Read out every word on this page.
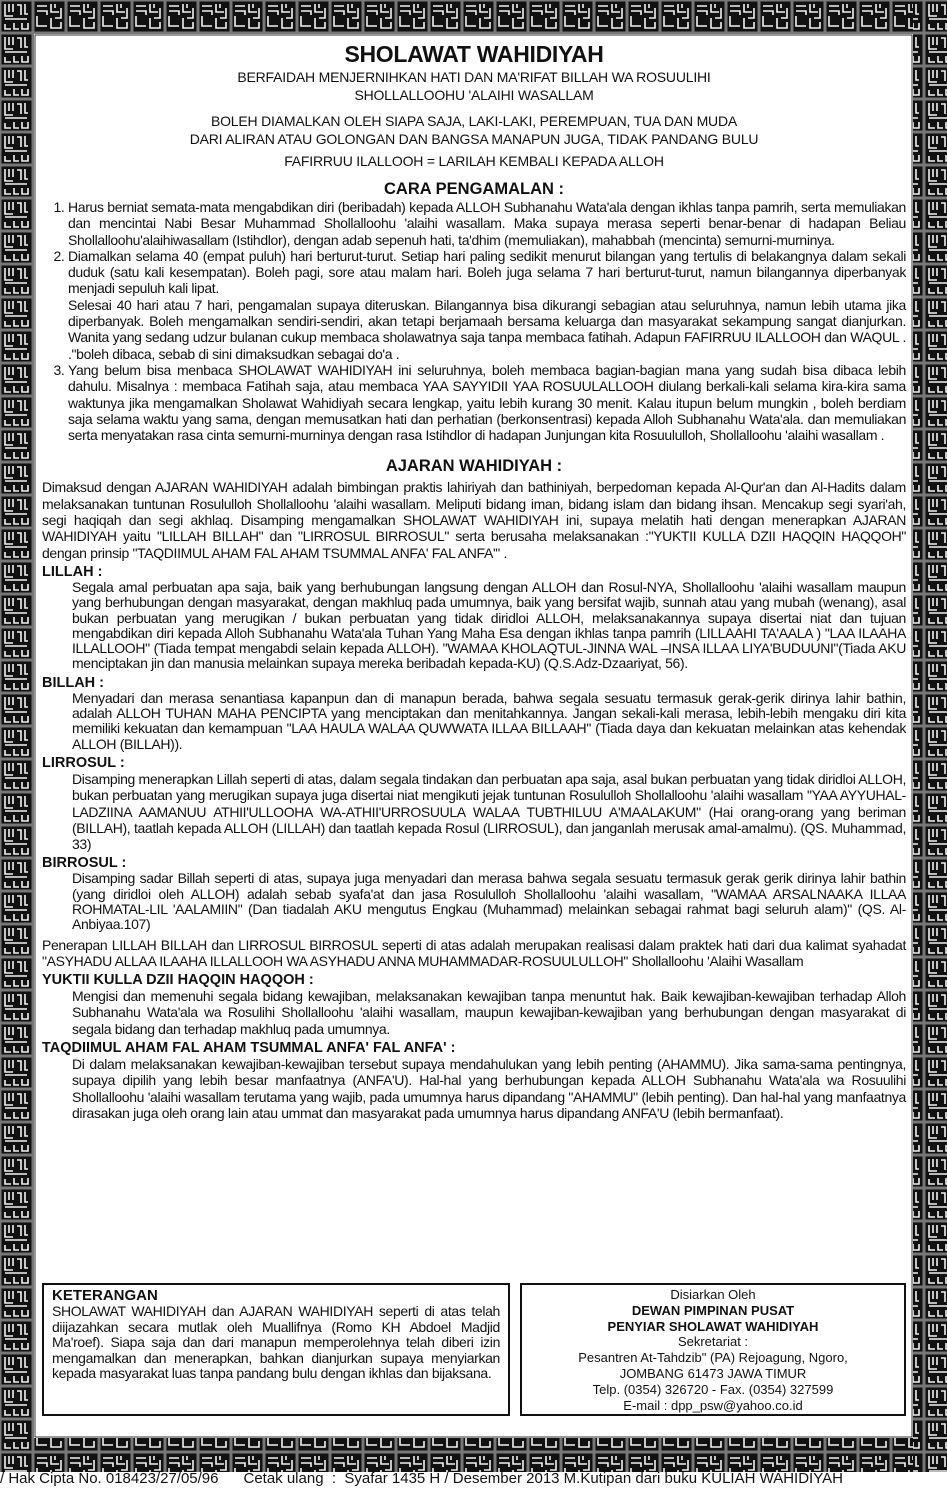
SHOLAWAT WAHIDIYAH
BERFAIDAH MENJERNIHKAN HATI DAN MA'RIFAT BILLAH WA ROSUULIHI
SHOLLALLOOHU 'ALAIHI WASALLAM
BOLEH DIAMALKAN OLEH SIAPA SAJA, LAKI-LAKI, PEREMPUAN, TUA DAN MUDA
DARI ALIRAN ATAU GOLONGAN DAN BANGSA MANAPUN JUGA, TIDAK PANDANG BULU
FAFIRRUU ILALLOOH = LARILAH KEMBALI KEPADA ALLOH
CARA PENGAMALAN :
1. Harus berniat semata-mata mengabdikan diri (beribadah) kepada ALLOH Subhanahu Wata'ala dengan ikhlas tanpa pamrih, serta memuliakan dan mencintai Nabi Besar Muhammad Shollalloohu 'alaihi wasallam. Maka supaya merasa seperti benar-benar di hadapan Beliau Shollalloohu'alaihiwasallam (Istihdlor), dengan adab sepenuh hati, ta'dhim (memuliakan), mahabbah (mencinta) semurni-murninya.
2. Diamalkan selama 40 (empat puluh) hari berturut-turut. Setiap hari paling sedikit menurut bilangan yang tertulis di belakangnya dalam sekali duduk (satu kali kesempatan). Boleh pagi, sore atau malam hari. Boleh juga selama 7 hari berturut-turut, namun bilangannya diperbanyak menjadi sepuluh kali lipat.
Selesai 40 hari atau 7 hari, pengamalan supaya diteruskan. Bilangannya bisa dikurangi sebagian atau seluruhnya, namun lebih utama jika diperbanyak. Boleh mengamalkan sendiri-sendiri, akan tetapi berjamaah bersama keluarga dan masyarakat sekampung sangat dianjurkan. Wanita yang sedang udzur bulanan cukup membaca sholawatnya saja tanpa membaca fatihah. Adapun FAFIRRUU ILALLOOH dan WAQUL . ."boleh dibaca, sebab di sini dimaksudkan sebagai do'a .
3. Yang belum bisa menbaca SHOLAWAT WAHIDIYAH ini seluruhnya, boleh membaca bagian-bagian mana yang sudah bisa dibaca lebih dahulu. Misalnya : membaca Fatihah saja, atau membaca YAA SAYYIDII YAA ROSUULALLOOH diulang berkali-kali selama kira-kira sama waktunya jika mengamalkan Sholawat Wahidiyah secara lengkap, yaitu lebih kurang 30 menit. Kalau itupun belum mungkin , boleh berdiam saja selama waktu yang sama, dengan memusatkan hati dan perhatian (berkonsentrasi) kepada Alloh Subhanahu Wata'ala. dan memuliakan serta menyatakan rasa cinta semurni-murninya dengan rasa Istihdlor di hadapan Junjungan kita Rosuululloh, Shollalloohu 'alaihi wasallam .
AJARAN WAHIDIYAH :
Dimaksud dengan AJARAN WAHIDIYAH adalah bimbingan praktis lahiriyah dan bathiniyah, berpedoman kepada Al-Qur'an dan Al-Hadits dalam melaksanakan tuntunan Rosululloh Shollalloohu 'alaihi wasallam. Meliputi bidang iman, bidang islam dan bidang ihsan. Mencakup segi syari'ah, segi haqiqah dan segi akhlaq. Disamping mengamalkan SHOLAWAT WAHIDIYAH ini, supaya melatih hati dengan menerapkan AJARAN WAHIDIYAH yaitu "LILLAH BILLAH" dan "LIRROSUL BIRROSUL" serta berusaha melaksanakan :"YUKTII KULLA DZII HAQQIN HAQQOH" dengan prinsip "TAQDIIMUL AHAM FAL AHAM TSUMMAL ANFA' FAL ANFA'" .
LILLAH :
Segala amal perbuatan apa saja, baik yang berhubungan langsung dengan ALLOH dan Rosul-NYA, Shollalloohu 'alaihi wasallam maupun yang berhubungan dengan masyarakat, dengan makhluq pada umumnya, baik yang bersifat wajib, sunnah atau yang mubah (wenang), asal bukan perbuatan yang merugikan / bukan perbuatan yang tidak diridloi ALLOH, melaksanakannya supaya disertai niat dan tujuan mengabdikan diri kepada Alloh Subhanahu Wata'ala Tuhan Yang Maha Esa dengan ikhlas tanpa pamrih (LILLAAHI TA'AALA ) "LAA ILAAHA ILLALLOOH" (Tiada tempat mengabdi selain kepada ALLOH). "WAMAA KHOLAQTUL-JINNA WAL –INSA ILLAA LIYA'BUDUUNI"(Tiada AKU menciptakan jin dan manusia melainkan supaya mereka beribadah kepada-KU) (Q.S.Adz-Dzaariyat, 56).
BILLAH :
Menyadari dan merasa senantiasa kapanpun dan di manapun berada, bahwa segala sesuatu termasuk gerak-gerik dirinya lahir bathin, adalah ALLOH TUHAN MAHA PENCIPTA yang menciptakan dan menitahkannya. Jangan sekali-kali merasa, lebih-lebih mengaku diri kita memiliki kekuatan dan kemampuan "LAA HAULA WALAA QUWWATA ILLAA BILLAAH" (Tiada daya dan kekuatan melainkan atas kehendak ALLOH (BILLAH)).
LIRROSUL :
Disamping menerapkan Lillah seperti di atas, dalam segala tindakan dan perbuatan apa saja, asal bukan perbuatan yang tidak diridloi ALLOH, bukan perbuatan yang merugikan supaya juga disertai niat mengikuti jejak tuntunan Rosululloh Shollalloohu 'alaihi wasallam "YAA AYYUHAL-LADZIINA AAMANUU ATHII'ULLOOHA WA-ATHII'URROSUULA WALAA TUBTHILUU A'MAALAKUM" (Hai orang-orang yang beriman (BILLAH), taatlah kepada ALLOH (LILLAH) dan taatlah kepada Rosul (LIRROSUL), dan janganlah merusak amal-amalmu). (QS. Muhammad, 33)
BIRROSUL :
Disamping sadar Billah seperti di atas, supaya juga menyadari dan merasa bahwa segala sesuatu termasuk gerak gerik dirinya lahir bathin (yang diridloi oleh ALLOH) adalah sebab syafa'at dan jasa Rosululloh Shollalloohu 'alaihi wasallam, "WAMAA ARSALNAAKA ILLAA ROHMATAL-LIL 'AALAMIIN" (Dan tiadalah AKU mengutus Engkau (Muhammad) melainkan sebagai rahmat bagi seluruh alam)" (QS. Al-Anbiyaa.107)
Penerapan LILLAH BILLAH dan LIRROSUL BIRROSUL seperti di atas adalah merupakan realisasi dalam praktek hati dari dua kalimat syahadat "ASYHADU ALLAA ILAAHA ILLALLOOH WA ASYHADU ANNA MUHAMMADAR-ROSUULULLOH" Shollalloohu 'Alaihi Wasallam
YUKTII KULLA DZII HAQQIN HAQQOH :
Mengisi dan memenuhi segala bidang kewajiban, melaksanakan kewajiban tanpa menuntut hak. Baik kewajiban-kewajiban terhadap Alloh Subhanahu Wata'ala wa Rosulihi Shollalloohu 'alaihi wasallam, maupun kewajiban-kewajiban yang berhubungan dengan masyarakat di segala bidang dan terhadap makhluq pada umumnya.
TAQDIIMUL AHAM FAL AHAM TSUMMAL ANFA' FAL ANFA' :
Di dalam melaksanakan kewajiban-kewajiban tersebut supaya mendahulukan yang lebih penting (AHAMMU). Jika sama-sama pentingnya, supaya dipilih yang lebih besar manfaatnya (ANFA'U). Hal-hal yang berhubungan kepada ALLOH Subhanahu Wata'ala wa Rosuulihi Shollalloohu 'alaihi wasallam terutama yang wajib, pada umumnya harus dipandang "AHAMMU" (lebih penting). Dan hal-hal yang manfaatnya dirasakan juga oleh orang lain atau ummat dan masyarakat pada umumnya harus dipandang ANFA'U (lebih bermanfaat).
KETERANGAN
SHOLAWAT WAHIDIYAH dan AJARAN WAHIDIYAH seperti di atas telah diijazahkan secara mutlak oleh Muallifnya (Romo KH Abdoel Madjid Ma'roef). Siapa saja dan dari manapun memperolehnya telah diberi izin mengamalkan dan menerapkan, bahkan dianjurkan supaya menyiarkan kepada masyarakat luas tanpa pandang bulu dengan ikhlas dan bijaksana.
Disiarkan Oleh
DEWAN PIMPINAN PUSAT
PENYIAR SHOLAWAT WAHIDIYAH
Sekretariat :
Pesantren At-Tahdzib" (PA) Rejoagung, Ngoro,
JOMBANG 61473 JAWA TIMUR
Telp. (0354) 326720 - Fax. (0354) 327599
E-mail : dpp_psw@yahoo.co.id
/ Hak Cipta No. 018423/27/05/96      Cetak ulang  :  Syafar 1435 H / Desember 2013 M.Kutipan dari buku KULIAH WAHIDIYAH
